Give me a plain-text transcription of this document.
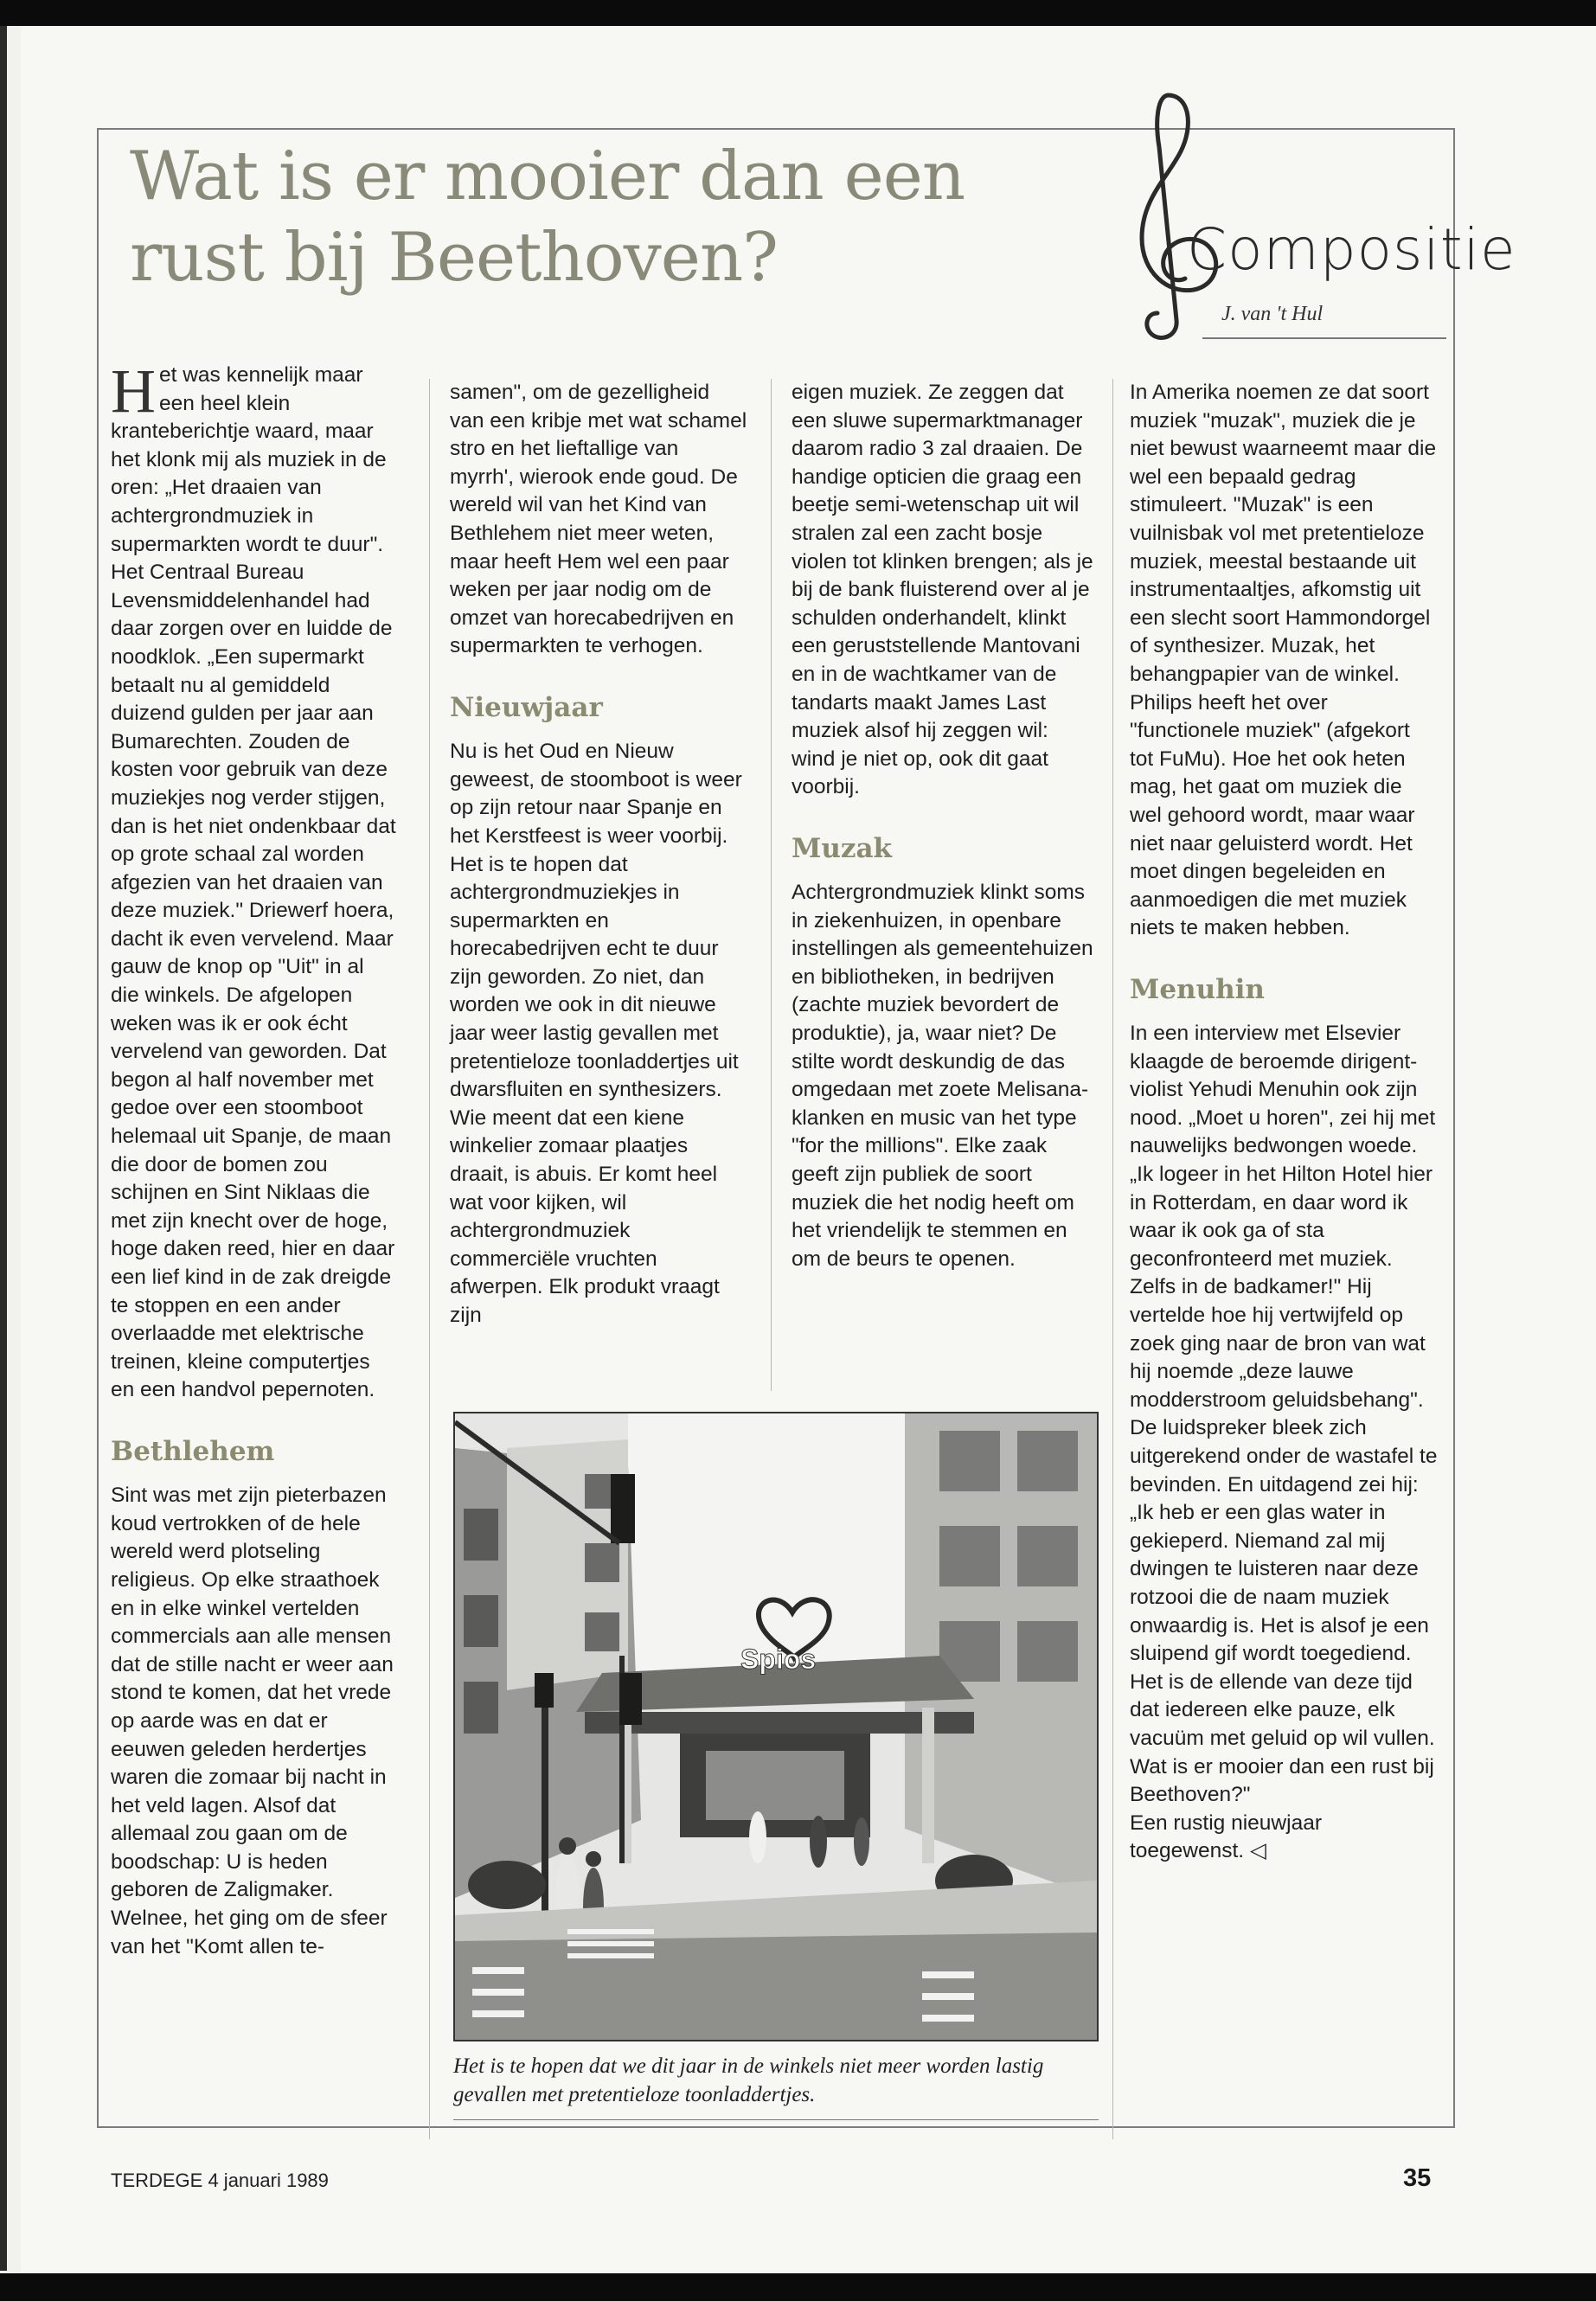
Wat is er mooier dan een rust bij Beethoven?	Compositie
J. van 't Hul

Het was kennelijk maar een heel klein kranteberichtje waard, maar het klonk mij als muziek in de oren: „Het draaien van achtergrondmuziek in supermarkten wordt te duur". Het Centraal Bureau Levensmiddelenhandel had daar zorgen over en luidde de noodklok. „Een supermarkt betaalt nu al gemiddeld duizend gulden per jaar aan Bumarechten. Zouden de kosten voor gebruik van deze muziekjes nog verder stijgen, dan is het niet ondenkbaar dat op grote schaal zal worden afgezien van het draaien van deze muziek." Driewerf hoera, dacht ik even vervelend. Maar gauw de knop op "Uit" in al die winkels. De afgelopen weken was ik er ook écht vervelend van geworden. Dat begon al half november met gedoe over een stoomboot helemaal uit Spanje, de maan die door de bomen zou schijnen en Sint Niklaas die met zijn knecht over de hoge, hoge daken reed, hier en daar een lief kind in de zak dreigde te stoppen en een ander overlaadde met elektrische treinen, kleine computertjes en een handvol pepernoten.

Bethlehem

Sint was met zijn pieterbazen koud vertrokken of de hele wereld werd plotseling religieus. Op elke straathoek en in elke winkel vertelden commercials aan alle mensen dat de stille nacht er weer aan stond te komen, dat het vrede op aarde was en dat er eeuwen geleden herdertjes waren die zomaar bij nacht in het veld lagen. Alsof dat allemaal zou gaan om de boodschap: U is heden geboren de Zaligmaker. Welnee, het ging om de sfeer van het "Komt allen te-

samen", om de gezelligheid van een kribje met wat schamel stro en het lieftallige van myrrh', wierook ende goud. De wereld wil van het Kind van Bethlehem niet meer weten, maar heeft Hem wel een paar weken per jaar nodig om de omzet van horecabedrijven en supermarkten te verhogen.

Nieuwjaar

Nu is het Oud en Nieuw geweest, de stoomboot is weer op zijn retour naar Spanje en het Kerstfeest is weer voorbij. Het is te hopen dat achtergrondmuziekjes in supermarkten en horecabedrijven echt te duur zijn geworden. Zo niet, dan worden we ook in dit nieuwe jaar weer lastig gevallen met pretentieloze toonladdertjes uit dwarsfluiten en synthesizers.

Wie meent dat een kiene winkelier zomaar plaatjes draait, is abuis. Er komt heel wat voor kijken, wil achtergrondmuziek commerciële vruchten afwerpen. Elk produkt vraagt zijn

eigen muziek. Ze zeggen dat een sluwe supermarktmanager daarom radio 3 zal draaien. De handige opticien die graag een beetje semi-wetenschap uit wil stralen zal een zacht bosje violen tot klinken brengen; als je bij de bank fluisterend over al je schulden onderhandelt, klinkt een geruststellende Mantovani en in de wachtkamer van de tandarts maakt James Last muziek alsof hij zeggen wil: wind je niet op, ook dit gaat voorbij.

Muzak

Achtergrondmuziek klinkt soms in ziekenhuizen, in openbare instellingen als gemeentehuizen en bibliotheken, in bedrijven (zachte muziek bevordert de produktie), ja, waar niet? De stilte wordt deskundig de das omgedaan met zoete Melisana-klanken en music van het type "for the millions". Elke zaak geeft zijn publiek de soort muziek die het nodig heeft om het vriendelijk te stemmen en om de beurs te openen.

In Amerika noemen ze dat soort muziek "muzak", muziek die je niet bewust waarneemt maar die wel een bepaald gedrag stimuleert. "Muzak" is een vuilnisbak vol met pretentieloze muziek, meestal bestaande uit instrumentaaltjes, afkomstig uit een slecht soort Hammondorgel of synthesizer. Muzak, het behangpapier van de winkel. Philips heeft het over "functionele muziek" (afgekort tot FuMu). Hoe het ook heten mag, het gaat om muziek die wel gehoord wordt, maar waar niet naar geluisterd wordt. Het moet dingen begeleiden en aanmoedigen die met muziek niets te maken hebben.

Menuhin

In een interview met Elsevier klaagde de beroemde dirigent-violist Yehudi Menuhin ook zijn nood. „Moet u horen", zei hij met nauwelijks bedwongen woede. „Ik logeer in het Hilton Hotel hier in Rotterdam, en daar word ik waar ik ook ga of sta geconfronteerd met muziek. Zelfs in de badkamer!" Hij vertelde hoe hij vertwijfeld op zoek ging naar de bron van wat hij noemde „deze lauwe modderstroom geluidsbehang". De luidspreker bleek zich uitgerekend onder de wastafel te bevinden. En uitdagend zei hij: „Ik heb er een glas water in gekieperd. Niemand zal mij dwingen te luisteren naar deze rotzooi die de naam muziek onwaardig is. Het is alsof je een sluipend gif wordt toegediend. Het is de ellende van deze tijd dat iedereen elke pauze, elk vacuüm met geluid op wil vullen. Wat is er mooier dan een rust bij Beethoven?"

Een rustig nieuwjaar toegewenst. ◁

Spios

Het is te hopen dat we dit jaar in de winkels niet meer worden lastig gevallen met pretentieloze toonladdertjes.

TERDEGE 4 januari 1989	35
